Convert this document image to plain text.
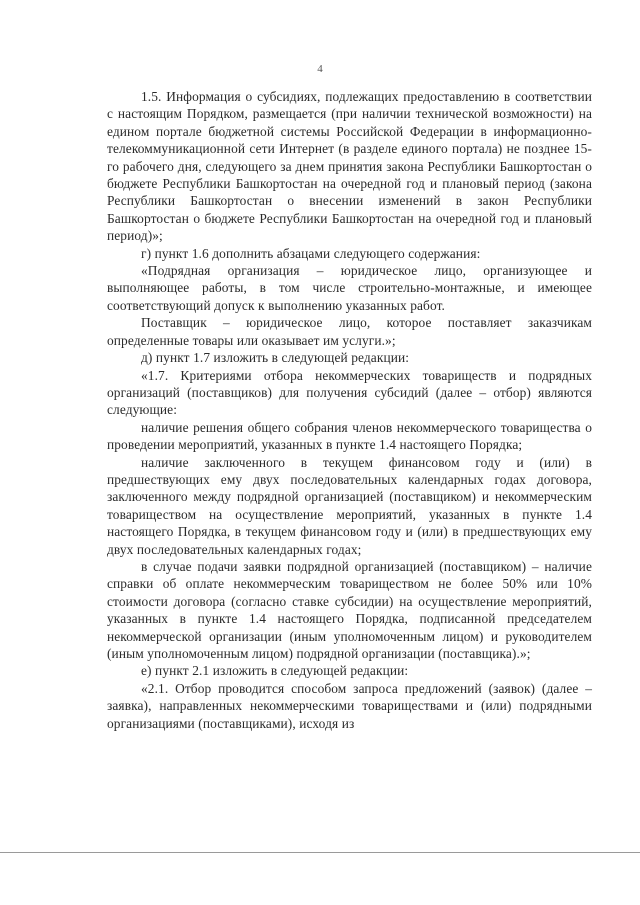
4

1.5. Информация о субсидиях, подлежащих предоставлению в соответствии с настоящим Порядком, размещается (при наличии технической возможности) на едином портале бюджетной системы Российской Федерации в информационно-телекоммуникационной сети Интернет (в разделе единого портала) не позднее 15-го рабочего дня, следующего за днем принятия закона Республики Башкортостан о бюджете Республики Башкортостан на очередной год и плановый период (закона Республики Башкортостан о внесении изменений в закон Республики Башкортостан о бюджете Республики Башкортостан на очередной год и плановый период)»;

г) пункт 1.6 дополнить абзацами следующего содержания:

«Подрядная организация – юридическое лицо, организующее и выполняющее работы, в том числе строительно-монтажные, и имеющее соответствующий допуск к выполнению указанных работ.

Поставщик – юридическое лицо, которое поставляет заказчикам определенные товары или оказывает им услуги.»;

д) пункт 1.7 изложить в следующей редакции:

«1.7. Критериями отбора некоммерческих товариществ и подрядных организаций (поставщиков) для получения субсидий (далее – отбор) являются следующие:

наличие решения общего собрания членов некоммерческого товарищества о проведении мероприятий, указанных в пункте 1.4 настоящего Порядка;

наличие заключенного в текущем финансовом году и (или) в предшествующих ему двух последовательных календарных годах договора, заключенного между подрядной организацией (поставщиком) и некоммерческим товариществом на осуществление мероприятий, указанных в пункте 1.4 настоящего Порядка, в текущем финансовом году и (или) в предшествующих ему двух последовательных календарных годах;

в случае подачи заявки подрядной организацией (поставщиком) – наличие справки об оплате некоммерческим товариществом не более 50% или 10% стоимости договора (согласно ставке субсидии) на осуществление мероприятий, указанных в пункте 1.4 настоящего Порядка, подписанной председателем некоммерческой организации (иным уполномоченным лицом) и руководителем (иным уполномоченным лицом) подрядной организации (поставщика).»;

е) пункт 2.1 изложить в следующей редакции:

«2.1. Отбор проводится способом запроса предложений (заявок) (далее – заявка), направленных некоммерческими товариществами и (или) подрядными организациями (поставщиками), исходя из
